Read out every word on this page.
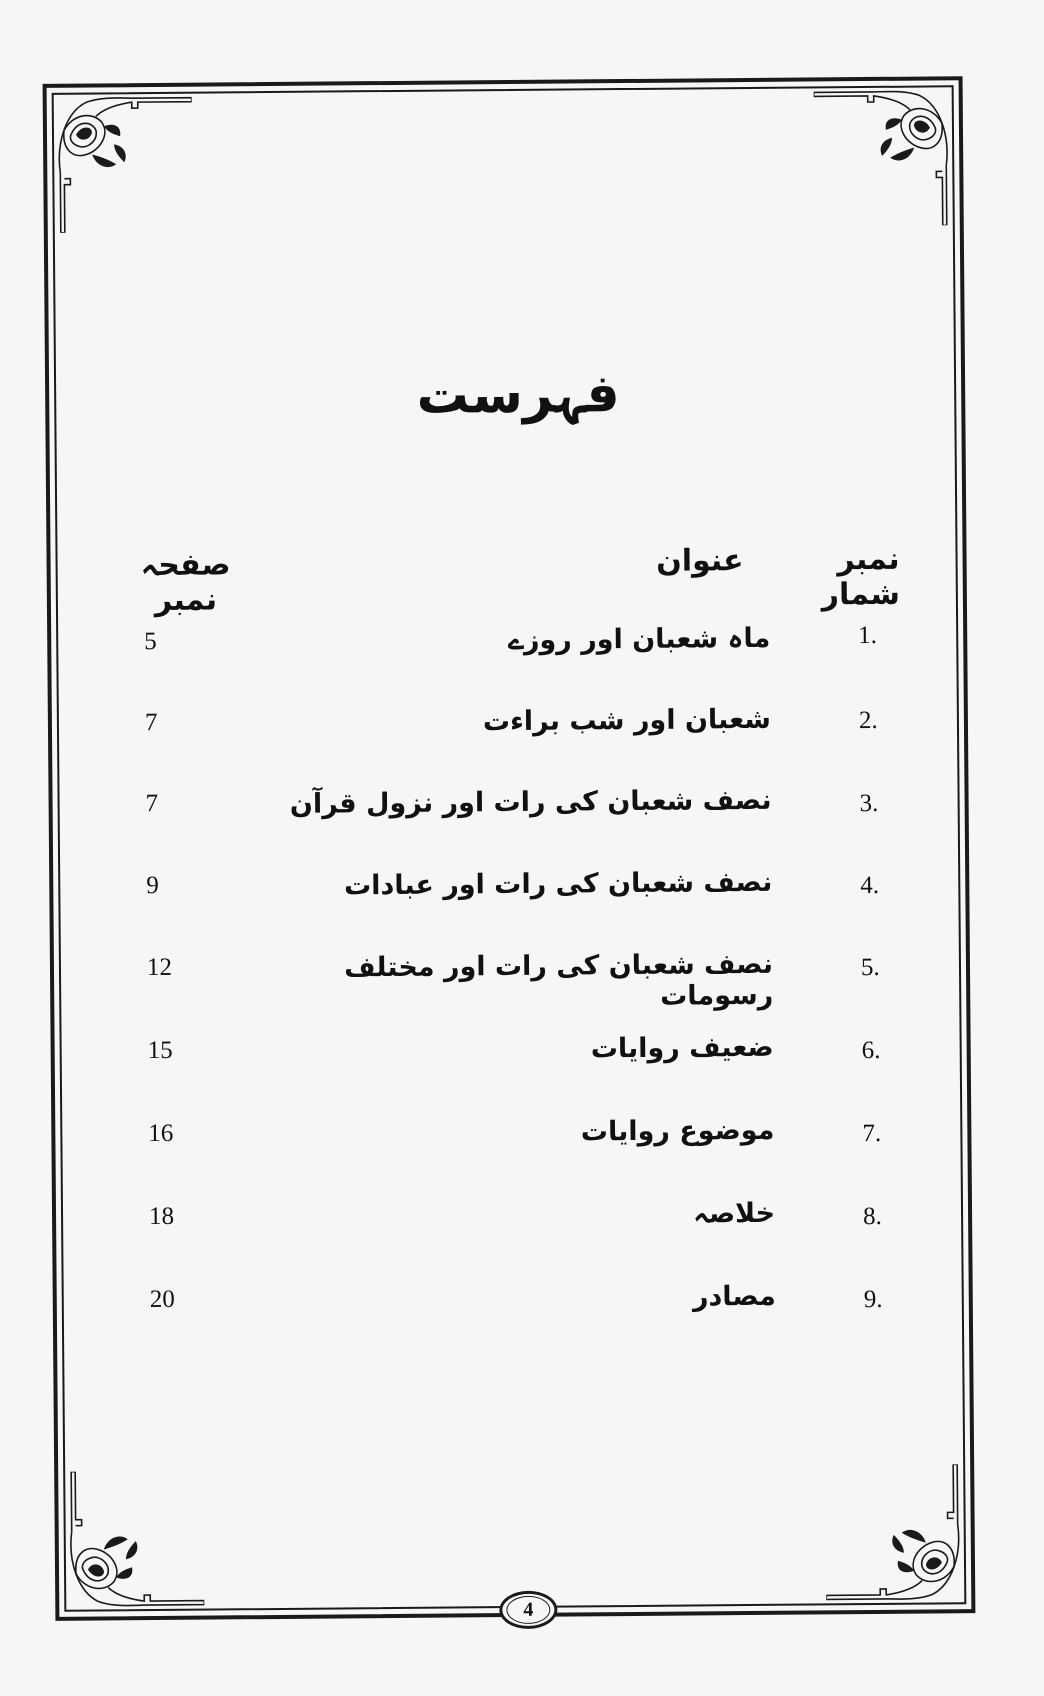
فہرست
نمبر شمار
عنوان
صفحہ نمبر
1.
ماہ شعبان اور روزے
5
2.
شعبان اور شب براءت
7
3.
نصف شعبان کی رات اور نزول قرآن
7
4.
نصف شعبان کی رات اور عبادات
9
5.
نصف شعبان کی رات اور مختلف رسومات
12
6.
ضعیف روایات
15
7.
موضوع روایات
16
8.
خلاصہ
18
9.
مصادر
20
4
